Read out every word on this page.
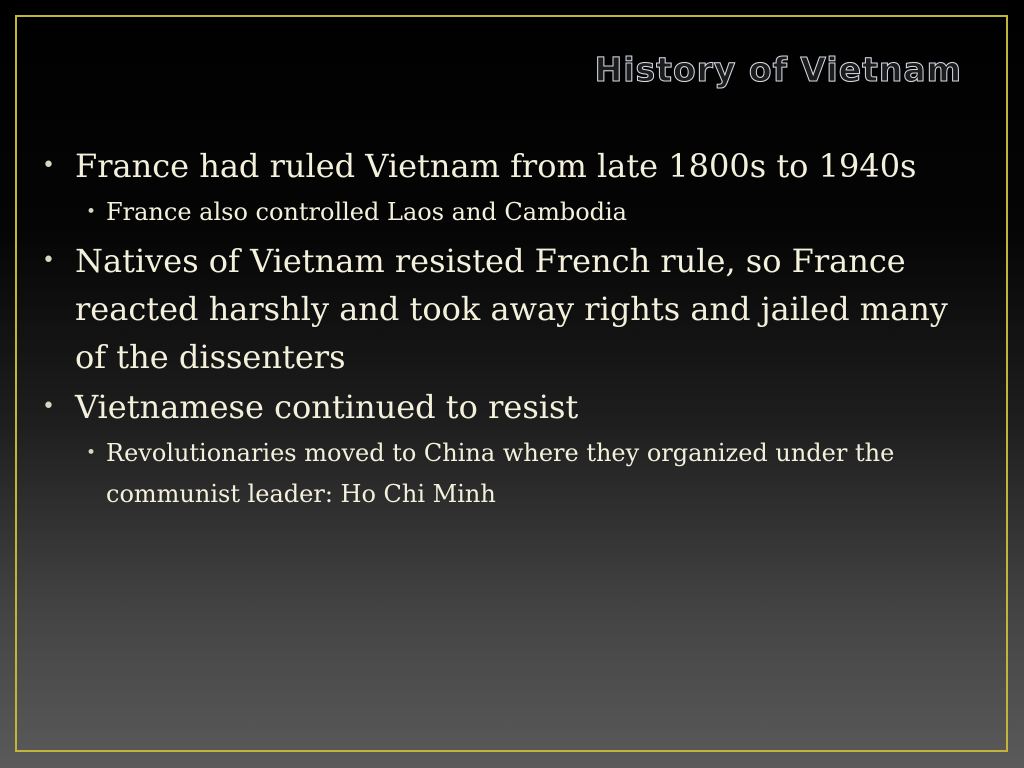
History of Vietnam
• France had ruled Vietnam from late 1800s to 1940s
• France also controlled Laos and Cambodia
• Natives of Vietnam resisted French rule, so France reacted harshly and took away rights and jailed many of the dissenters
• Vietnamese continued to resist
• Revolutionaries moved to China where they organized under the communist leader: Ho Chi Minh
